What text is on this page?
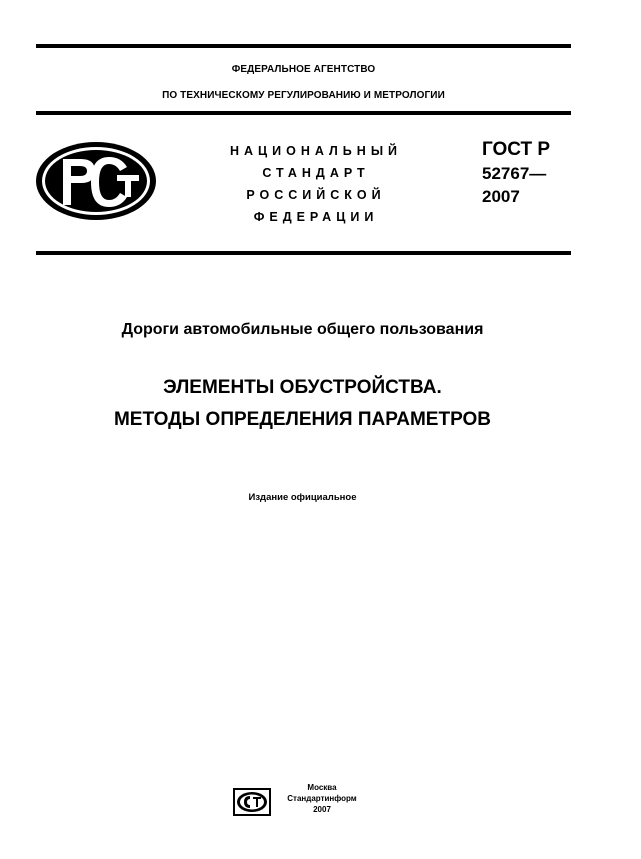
ФЕДЕРАЛЬНОЕ АГЕНТСТВО
ПО ТЕХНИЧЕСКОМУ РЕГУЛИРОВАНИЮ И МЕТРОЛОГИИ
НАЦИОНАЛЬНЫЙ
СТАНДАРТ
РОССИЙСКОЙ
ФЕДЕРАЦИИ
ГОСТ Р
52767—
2007
Дороги автомобильные общего пользования
ЭЛЕМЕНТЫ ОБУСТРОЙСТВА.
МЕТОДЫ ОПРЕДЕЛЕНИЯ ПАРАМЕТРОВ
Издание официальное
Москва
Стандартинформ
2007
